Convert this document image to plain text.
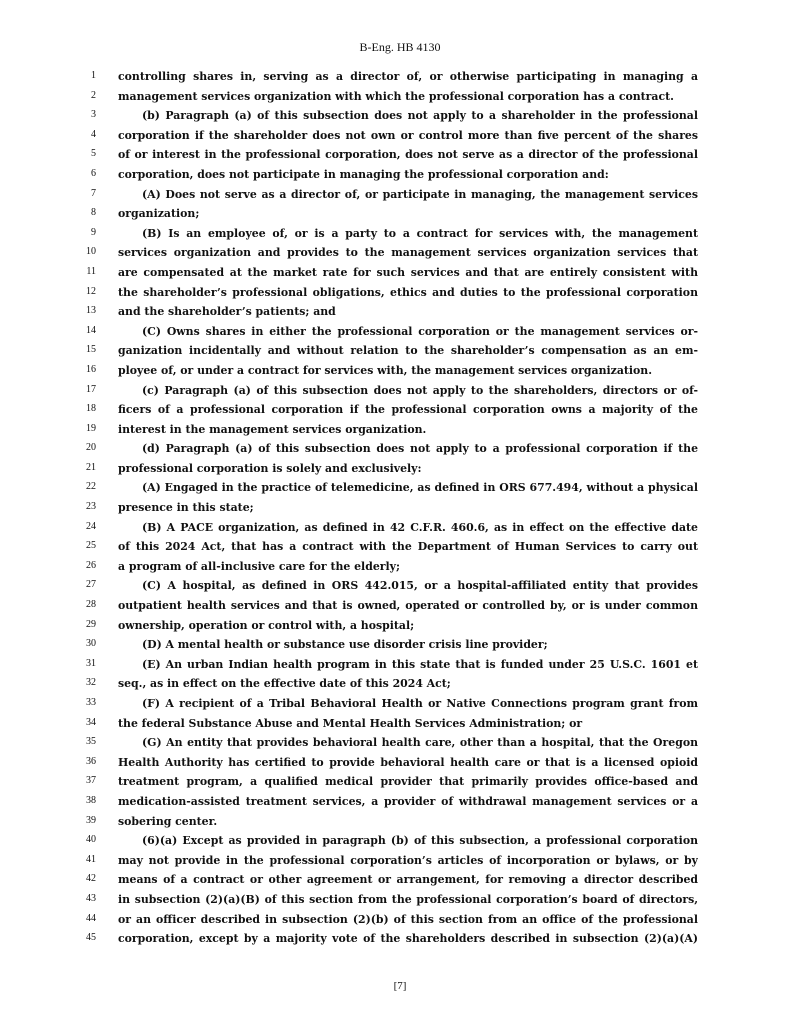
B-Eng. HB 4130
1 controlling shares in, serving as a director of, or otherwise participating in managing a
2 management services organization with which the professional corporation has a contract.
3	(b) Paragraph (a) of this subsection does not apply to a shareholder in the professional
4 corporation if the shareholder does not own or control more than five percent of the shares
5 of or interest in the professional corporation, does not serve as a director of the professional
6 corporation, does not participate in managing the professional corporation and:
7	(A) Does not serve as a director of, or participate in managing, the management services
8 organization;
9	(B) Is an employee of, or is a party to a contract for services with, the management
10 services organization and provides to the management services organization services that
11 are compensated at the market rate for such services and that are entirely consistent with
12 the shareholder’s professional obligations, ethics and duties to the professional corporation
13 and the shareholder’s patients; and
14	(C) Owns shares in either the professional corporation or the management services or-
15 ganization incidentally and without relation to the shareholder’s compensation as an em-
16 ployee of, or under a contract for services with, the management services organization.
17	(c) Paragraph (a) of this subsection does not apply to the shareholders, directors or of-
18 ficers of a professional corporation if the professional corporation owns a majority of the
19 interest in the management services organization.
20	(d) Paragraph (a) of this subsection does not apply to a professional corporation if the
21 professional corporation is solely and exclusively:
22	(A) Engaged in the practice of telemedicine, as defined in ORS 677.494, without a physical
23 presence in this state;
24	(B) A PACE organization, as defined in 42 C.F.R. 460.6, as in effect on the effective date
25 of this 2024 Act, that has a contract with the Department of Human Services to carry out
26 a program of all-inclusive care for the elderly;
27	(C) A hospital, as defined in ORS 442.015, or a hospital-affiliated entity that provides
28 outpatient health services and that is owned, operated or controlled by, or is under common
29 ownership, operation or control with, a hospital;
30	(D) A mental health or substance use disorder crisis line provider;
31	(E) An urban Indian health program in this state that is funded under 25 U.S.C. 1601 et
32 seq., as in effect on the effective date of this 2024 Act;
33	(F) A recipient of a Tribal Behavioral Health or Native Connections program grant from
34 the federal Substance Abuse and Mental Health Services Administration; or
35	(G) An entity that provides behavioral health care, other than a hospital, that the Oregon
36 Health Authority has certified to provide behavioral health care or that is a licensed opioid
37 treatment program, a qualified medical provider that primarily provides office-based and
38 medication-assisted treatment services, a provider of withdrawal management services or a
39 sobering center.
40	(6)(a) Except as provided in paragraph (b) of this subsection, a professional corporation
41 may not provide in the professional corporation’s articles of incorporation or bylaws, or by
42 means of a contract or other agreement or arrangement, for removing a director described
43 in subsection (2)(a)(B) of this section from the professional corporation’s board of directors,
44 or an officer described in subsection (2)(b) of this section from an office of the professional
45 corporation, except by a majority vote of the shareholders described in subsection (2)(a)(A)
[7]
